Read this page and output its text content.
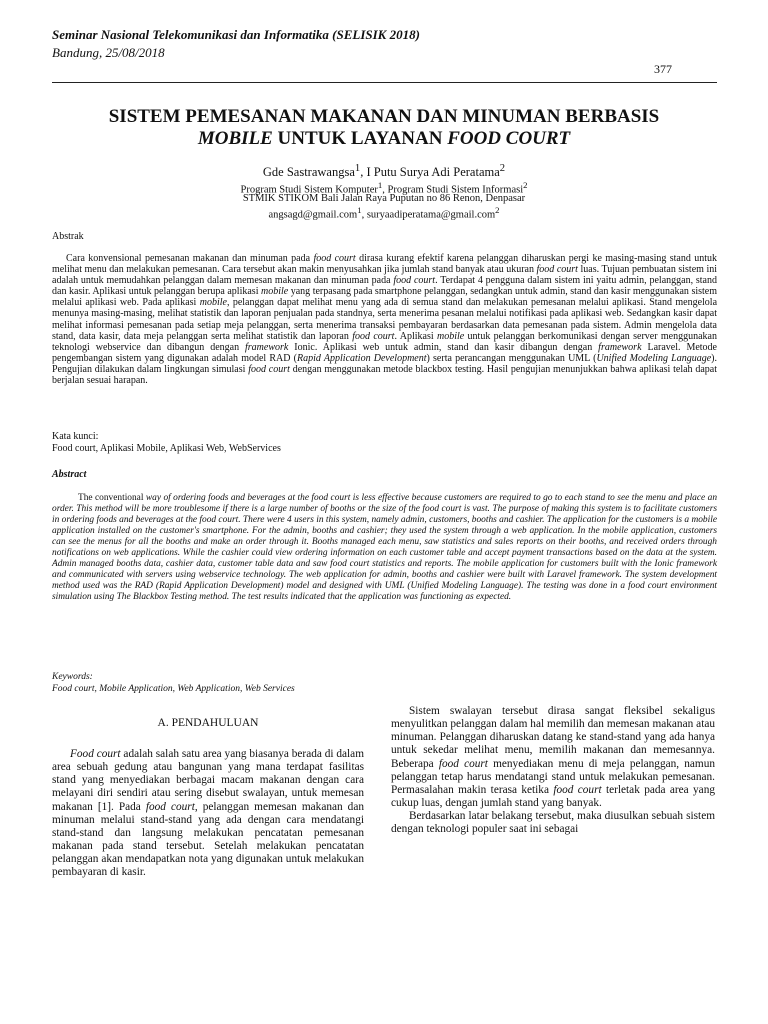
Seminar Nasional Telekomunikasi dan Informatika (SELISIK 2018)
Bandung, 25/08/2018
377
SISTEM PEMESANAN MAKANAN DAN MINUMAN BERBASIS
MOBILE UNTUK LAYANAN FOOD COURT
Gde Sastrawangsa$^1$, I Putu Surya Adi Peratama$^2$
Program Studi Sistem Komputer$^1$, Program Studi Sistem Informasi$^2$
STMIK STIKOM Bali Jalan Raya Puputan no 86 Renon, Denpasar
angsagd@gmail.com$^1$, suryaadiperatama@gmail.com$^2$
Abstrak
Cara konvensional pemesanan makanan dan minuman pada food court dirasa kurang efektif karena pelanggan diharuskan pergi ke masing-masing stand untuk melihat menu dan melakukan pemesanan. Cara tersebut akan makin menyusahkan jika jumlah stand banyak atau ukuran food court luas. Tujuan pembuatan sistem ini adalah untuk memudahkan pelanggan dalam memesan makanan dan minuman pada food court. Terdapat 4 pengguna dalam sistem ini yaitu admin, pelanggan, stand dan kasir. Aplikasi untuk pelanggan berupa aplikasi mobile yang terpasang pada smartphone pelanggan, sedangkan untuk admin, stand dan kasir menggunakan sistem melalui aplikasi web. Pada aplikasi mobile, pelanggan dapat melihat menu yang ada di semua stand dan melakukan pemesanan melalui aplikasi. Stand mengelola menunya masing-masing, melihat statistik dan laporan penjualan pada standnya, serta menerima pesanan melalui notifikasi pada aplikasi web. Sedangkan kasir dapat melihat informasi pemesanan pada setiap meja pelanggan, serta menerima transaksi pembayaran berdasarkan data pemesanan pada sistem. Admin mengelola data stand, data kasir, data meja pelanggan serta melihat statistik dan laporan food court. Aplikasi mobile untuk pelanggan berkomunikasi dengan server menggunakan teknologi webservice dan dibangun dengan framework Ionic. Aplikasi web untuk admin, stand dan kasir dibangun dengan framework Laravel. Metode pengembangan sistem yang digunakan adalah model RAD (Rapid Application Development) serta perancangan menggunakan UML (Unified Modeling Language). Pengujian dilakukan dalam lingkungan simulasi food court dengan menggunakan metode blackbox testing. Hasil pengujian menunjukkan bahwa aplikasi telah dapat berjalan sesuai harapan.
Kata kunci:
Food court, Aplikasi Mobile, Aplikasi Web, WebServices
Abstract
The conventional way of ordering foods and beverages at the food court is less effective because customers are required to go to each stand to see the menu and place an order. This method will be more troublesome if there is a large number of booths or the size of the food court is vast. The purpose of making this system is to facilitate customers in ordering foods and beverages at the food court. There were 4 users in this system, namely admin, customers, booths and cashier. The application for the customers is a mobile application installed on the customer's smartphone. For the admin, booths and cashier; they used the system through a web application. In the mobile application, customers can see the menus for all the booths and make an order through it. Booths managed each menu, saw statistics and sales reports on their booths, and received orders through notifications on web applications. While the cashier could view ordering information on each customer table and accept payment transactions based on the data at the system. Admin managed booths data, cashier data, customer table data and saw food court statistics and reports. The mobile application for customers built with the Ionic framework and communicated with servers using webservice technology. The web application for admin, booths and cashier were built with Laravel framework. The system development method used was the RAD (Rapid Application Development) model and designed with UML (Unified Modeling Language). The testing was done in a food court environment simulation using The Blackbox Testing method. The test results indicated that the application was functioning as expected.
Keywords:
Food court, Mobile Application, Web Application, Web Services
A. PENDAHULUAN

Food court adalah salah satu area yang biasanya berada di dalam area sebuah gedung atau bangunan yang mana terdapat fasilitas stand yang menyediakan berbagai macam makanan dengan cara melayani diri sendiri atau sering disebut swalayan, untuk memesan makanan [1]. Pada food court, pelanggan memesan makanan dan minuman melalui stand-stand yang ada dengan cara mendatangi stand-stand dan langsung melakukan pencatatan pemesanan makanan pada stand tersebut. Setelah melakukan pencatatan pelanggan akan mendapatkan nota yang digunakan untuk melakukan pembayaran di kasir.

Sistem swalayan tersebut dirasa sangat fleksibel sekaligus menyulitkan pelanggan dalam hal memilih dan memesan makanan atau minuman. Pelanggan diharuskan datang ke stand-stand yang ada hanya untuk sekedar melihat menu, memilih makanan dan memesannya. Beberapa food court menyediakan menu di meja pelanggan, namun pelanggan tetap harus mendatangi stand untuk melakukan pemesanan. Permasalahan makin terasa ketika food court terletak pada area yang cukup luas, dengan jumlah stand yang banyak.

Berdasarkan latar belakang tersebut, maka diusulkan sebuah sistem dengan teknologi populer saat ini sebagai
